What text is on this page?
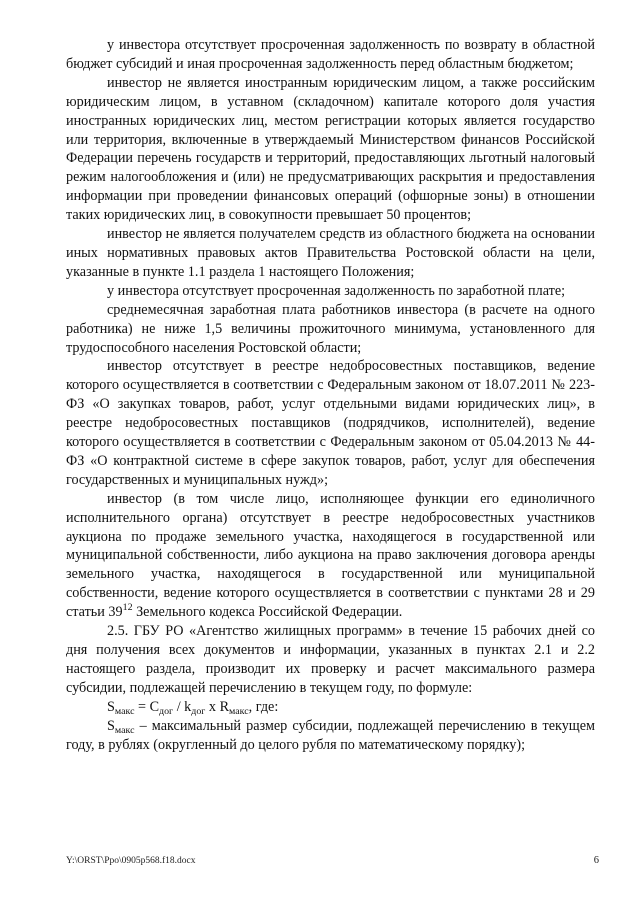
у инвестора отсутствует просроченная задолженность по возврату в областной бюджет субсидий и иная просроченная задолженность перед областным бюджетом;

инвестор не является иностранным юридическим лицом, а также российским юридическим лицом, в уставном (складочном) капитале которого доля участия иностранных юридических лиц, местом регистрации которых является государство или территория, включенные в утверждаемый Министерством финансов Российской Федерации перечень государств и территорий, предоставляющих льготный налоговый режим налогообложения и (или) не предусматривающих раскрытия и предоставления информации при проведении финансовых операций (офшорные зоны) в отношении таких юридических лиц, в совокупности превышает 50 процентов;

инвестор не является получателем средств из областного бюджета на основании иных нормативных правовых актов Правительства Ростовской области на цели, указанные в пункте 1.1 раздела 1 настоящего Положения;

у инвестора отсутствует просроченная задолженность по заработной плате;

среднемесячная заработная плата работников инвестора (в расчете на одного работника) не ниже 1,5 величины прожиточного минимума, установленного для трудоспособного населения Ростовской области;

инвестор отсутствует в реестре недобросовестных поставщиков, ведение которого осуществляется в соответствии с Федеральным законом от 18.07.2011 № 223-ФЗ «О закупках товаров, работ, услуг отдельными видами юридических лиц», в реестре недобросовестных поставщиков (подрядчиков, исполнителей), ведение которого осуществляется в соответствии с Федеральным законом от 05.04.2013 № 44-ФЗ «О контрактной системе в сфере закупок товаров, работ, услуг для обеспечения государственных и муниципальных нужд»;

инвестор (в том числе лицо, исполняющее функции его единоличного исполнительного органа) отсутствует в реестре недобросовестных участников аукциона по продаже земельного участка, находящегося в государственной или муниципальной собственности, либо аукциона на право заключения договора аренды земельного участка, находящегося в государственной или муниципальной собственности, ведение которого осуществляется в соответствии с пунктами 28 и 29 статьи $39^{12}$ Земельного кодекса Российской Федерации.

2.5. ГБУ РО «Агентство жилищных программ» в течение 15 рабочих дней со дня получения всех документов и информации, указанных в пунктах 2.1 и 2.2 настоящего раздела, производит их проверку и расчет максимального размера субсидии, подлежащей перечислению в текущем году, по формуле:

$S_{макс} = С_{дог} / k_{дог}$ x $R_{макс}$, где:

$S_{макс}$ – максимальный размер субсидии, подлежащей перечислению в текущем году, в рублях (округленный до целого рубля по математическому порядку);

Y:\ORST\Ppo\0905p568.f18.docx	6
